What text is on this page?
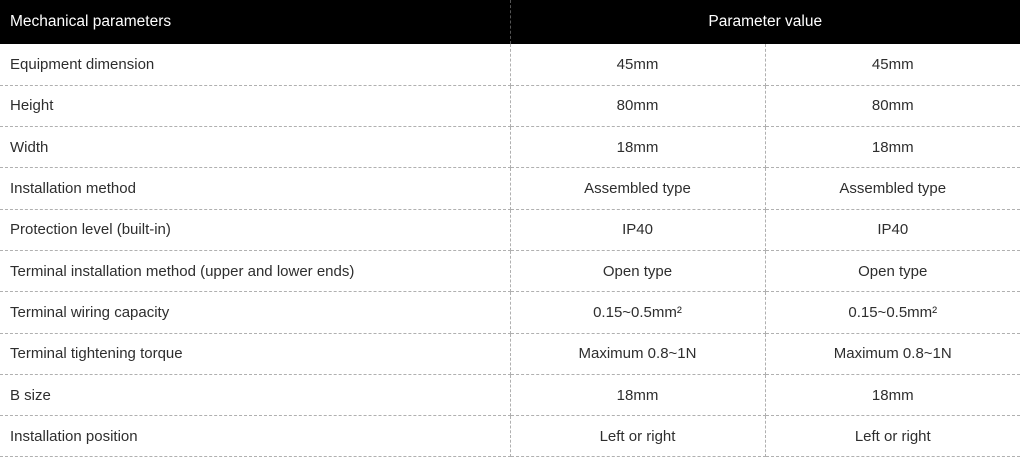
Mechanical parameters	Parameter value	
Equipment dimension	45mm	45mm
Height	80mm	80mm
Width	18mm	18mm
Installation method	Assembled type	Assembled type
Protection level (built-in)	IP40	IP40
Terminal installation method (upper and lower ends)	Open type	Open type
Terminal wiring capacity	0.15~0.5mm²	0.15~0.5mm²
Terminal tightening torque	Maximum 0.8~1N	Maximum 0.8~1N
B size	18mm	18mm
Installation position	Left or right	Left or right
